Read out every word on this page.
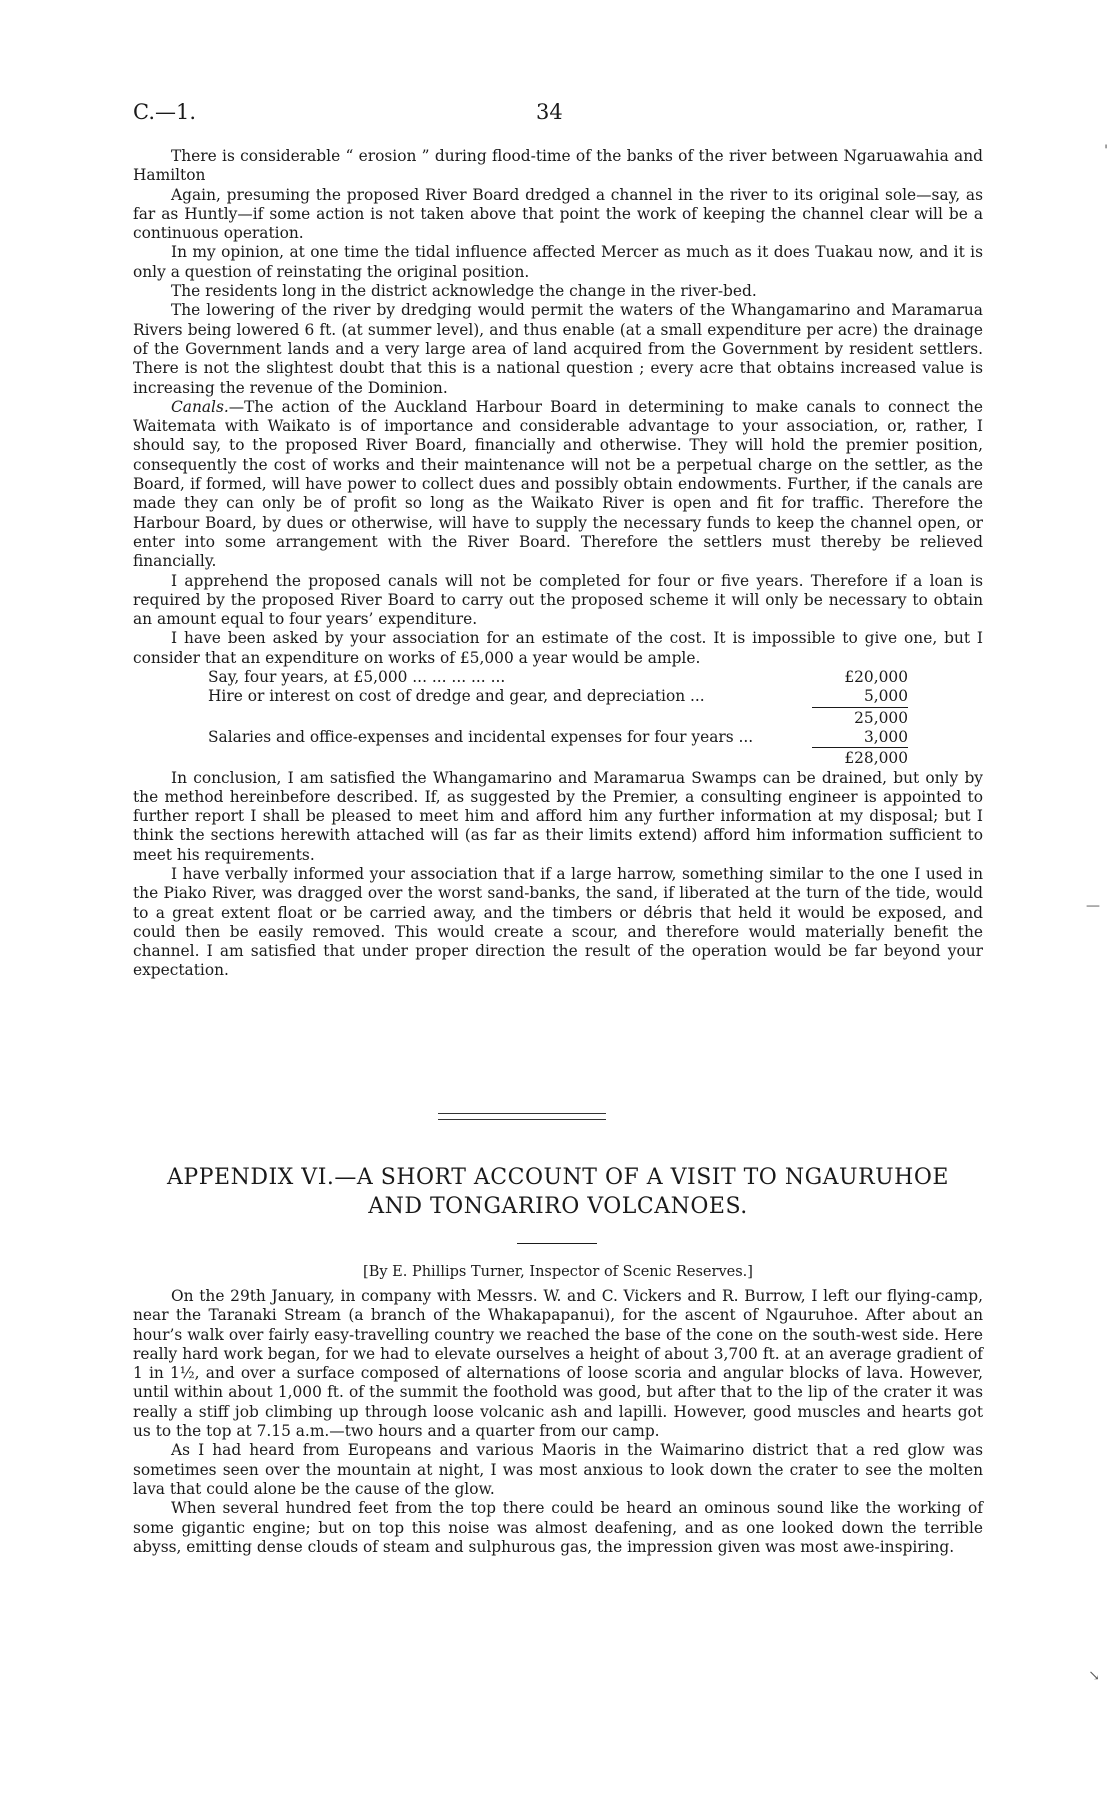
C.—1.	34

There is considerable “ erosion ” during flood-time of the banks of the river between Ngaruawahia and Hamilton

Again, presuming the proposed River Board dredged a channel in the river to its original sole—say, as far as Huntly—if some action is not taken above that point the work of keeping the channel clear will be a continuous operation.

In my opinion, at one time the tidal influence affected Mercer as much as it does Tuakau now, and it is only a question of reinstating the original position.

The residents long in the district acknowledge the change in the river-bed.

The lowering of the river by dredging would permit the waters of the Whangamarino and Maramarua Rivers being lowered 6 ft. (at summer level), and thus enable (at a small expenditure per acre) the drainage of the Government lands and a very large area of land acquired from the Government by resident settlers. There is not the slightest doubt that this is a national question ; every acre that obtains increased value is increasing the revenue of the Dominion.

Canals.—The action of the Auckland Harbour Board in determining to make canals to connect the Waitemata with Waikato is of importance and considerable advantage to your association, or, rather, I should say, to the proposed River Board, financially and otherwise. They will hold the premier position, consequently the cost of works and their maintenance will not be a perpetual charge on the settler, as the Board, if formed, will have power to collect dues and possibly obtain endowments. Further, if the canals are made they can only be of profit so long as the Waikato River is open and fit for traffic. Therefore the Harbour Board, by dues or otherwise, will have to supply the necessary funds to keep the channel open, or enter into some arrangement with the River Board. Therefore the settlers must thereby be relieved financially.

I apprehend the proposed canals will not be completed for four or five years. Therefore if a loan is required by the proposed River Board to carry out the proposed scheme it will only be necessary to obtain an amount equal to four years’ expenditure.

I have been asked by your association for an estimate of the cost. It is impossible to give one, but I consider that an expenditure on works of £5,000 a year would be ample.

Say, four years, at £5,000 ... ... ... ... ...	£20,000
Hire or interest on cost of dredge and gear, and depreciation ...	5,000
	25,000
Salaries and office-expenses and incidental expenses for four years ...	3,000
	£28,000

In conclusion, I am satisfied the Whangamarino and Maramarua Swamps can be drained, but only by the method hereinbefore described. If, as suggested by the Premier, a consulting engineer is appointed to further report I shall be pleased to meet him and afford him any further information at my disposal; but I think the sections herewith attached will (as far as their limits extend) afford him information sufficient to meet his requirements.

I have verbally informed your association that if a large harrow, something similar to the one I used in the Piako River, was dragged over the worst sand-banks, the sand, if liberated at the turn of the tide, would to a great extent float or be carried away, and the timbers or débris that held it would be exposed, and could then be easily removed. This would create a scour, and therefore would materially benefit the channel. I am satisfied that under proper direction the result of the operation would be far beyond your expectation.

APPENDIX VI.—A SHORT ACCOUNT OF A VISIT TO NGAURUHOE
AND TONGARIRO VOLCANOES.
[By E. Phillips Turner, Inspector of Scenic Reserves.]

On the 29th January, in company with Messrs. W. and C. Vickers and R. Burrow, I left our flying-camp, near the Taranaki Stream (a branch of the Whakapapanui), for the ascent of Ngauruhoe. After about an hour’s walk over fairly easy-travelling country we reached the base of the cone on the south-west side. Here really hard work began, for we had to elevate ourselves a height of about 3,700 ft. at an average gradient of 1 in 1½, and over a surface composed of alternations of loose scoria and angular blocks of lava. However, until within about 1,000 ft. of the summit the foothold was good, but after that to the lip of the crater it was really a stiff job climbing up through loose volcanic ash and lapilli. However, good muscles and hearts got us to the top at 7.15 a.m.—two hours and a quarter from our camp.

As I had heard from Europeans and various Maoris in the Waimarino district that a red glow was sometimes seen over the mountain at night, I was most anxious to look down the crater to see the molten lava that could alone be the cause of the glow.

When several hundred feet from the top there could be heard an ominous sound like the working of some gigantic engine; but on top this noise was almost deafening, and as one looked down the terrible abyss, emitting dense clouds of steam and sulphurous gas, the impression given was most awe-inspiring.

'
—
↘
